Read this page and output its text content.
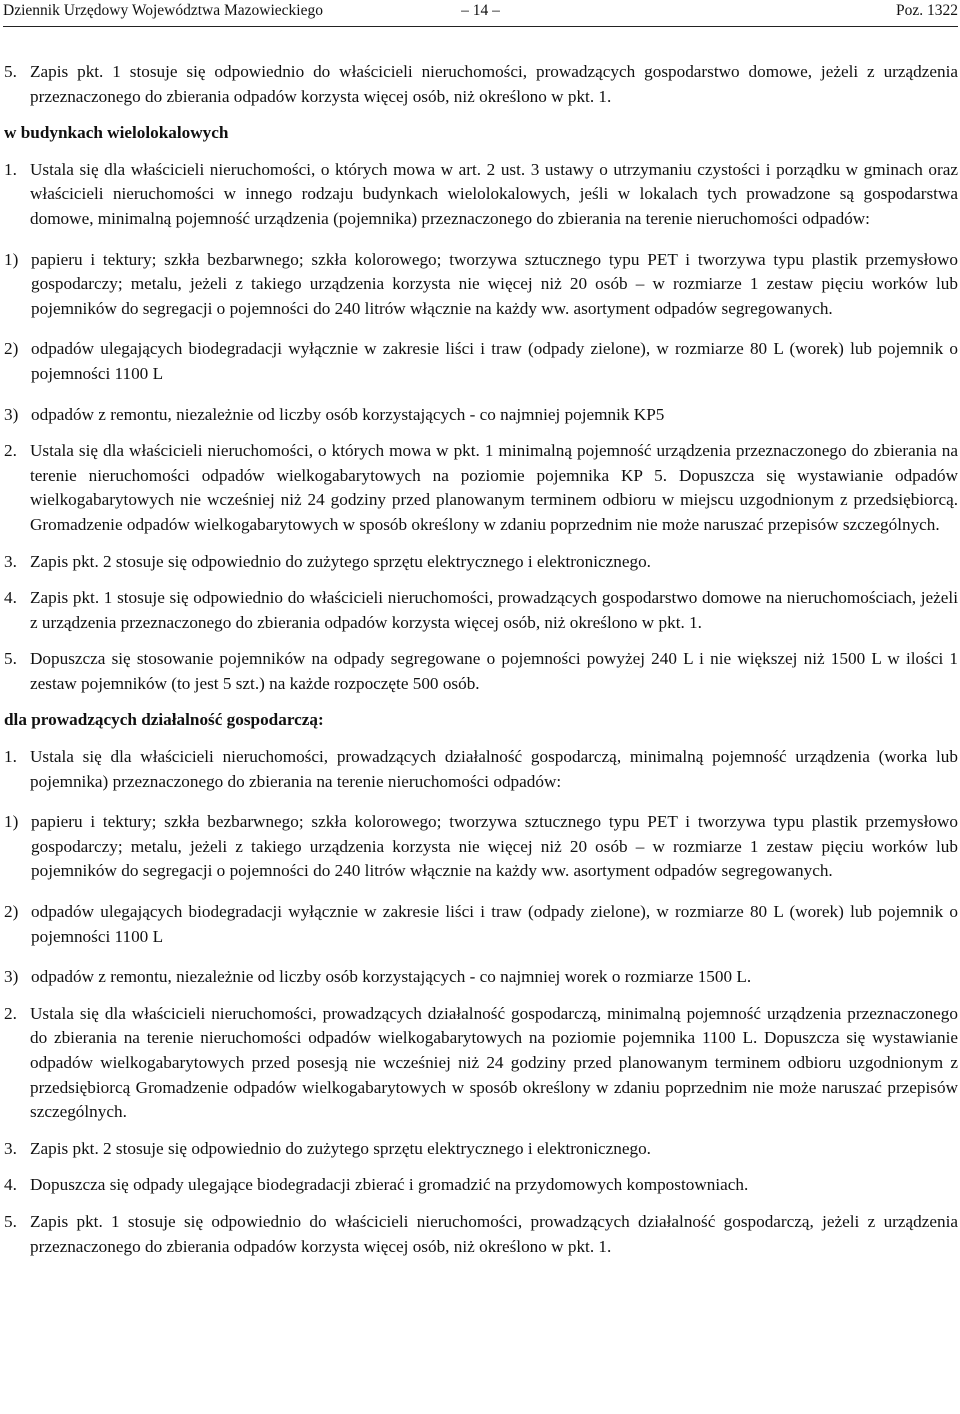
Dziennik Urzędowy Województwa Mazowieckiego	– 14 –	Poz. 1322
5. Zapis pkt. 1 stosuje się odpowiednio do właścicieli nieruchomości, prowadzących gospodarstwo domowe, jeżeli z urządzenia przeznaczonego do zbierania odpadów korzysta więcej osób, niż określono w pkt. 1.

w budynkach wielolokalowych

1. Ustala się dla właścicieli nieruchomości, o których mowa w art. 2 ust. 3 ustawy o utrzymaniu czystości i porządku w gminach oraz właścicieli nieruchomości w innego rodzaju budynkach wielolokalowych, jeśli w lokalach tych prowadzone są gospodarstwa domowe, minimalną pojemność urządzenia (pojemnika) przeznaczonego do zbierania na terenie nieruchomości odpadów:
1) papieru i tektury; szkła bezbarwnego; szkła kolorowego; tworzywa sztucznego typu PET i tworzywa typu plastik przemysłowo gospodarczy; metalu, jeżeli z takiego urządzenia korzysta nie więcej niż 20 osób – w rozmiarze 1 zestaw pięciu worków lub pojemników do segregacji o pojemności do 240 litrów włącznie na każdy ww. asortyment odpadów segregowanych.
2) odpadów ulegających biodegradacji wyłącznie w zakresie liści i traw (odpady zielone), w rozmiarze 80 L (worek) lub pojemnik o pojemności 1100 L
3) odpadów z remontu, niezależnie od liczby osób korzystających - co najmniej pojemnik KP5
2. Ustala się dla właścicieli nieruchomości, o których mowa w pkt. 1 minimalną pojemność urządzenia przeznaczonego do zbierania na terenie nieruchomości odpadów wielkogabarytowych na poziomie pojemnika KP 5. Dopuszcza się wystawianie odpadów wielkogabarytowych nie wcześniej niż 24 godziny przed planowanym terminem odbioru w miejscu uzgodnionym z przedsiębiorcą. Gromadzenie odpadów wielkogabarytowych w sposób określony w zdaniu poprzednim nie może naruszać przepisów szczególnych.
3. Zapis pkt. 2 stosuje się odpowiednio do zużytego sprzętu elektrycznego i elektronicznego.
4. Zapis pkt. 1 stosuje się odpowiednio do właścicieli nieruchomości, prowadzących gospodarstwo domowe na nieruchomościach, jeżeli z urządzenia przeznaczonego do zbierania odpadów korzysta więcej osób, niż określono w pkt. 1.
5. Dopuszcza się stosowanie pojemników na odpady segregowane o pojemności powyżej 240 L i nie większej niż 1500 L w ilości 1 zestaw pojemników (to jest 5 szt.) na każde rozpoczęte 500 osób.

dla prowadzących działalność gospodarczą:

1. Ustala się dla właścicieli nieruchomości, prowadzących działalność gospodarczą, minimalną pojemność urządzenia (worka lub pojemnika) przeznaczonego do zbierania na terenie nieruchomości odpadów:
1) papieru i tektury; szkła bezbarwnego; szkła kolorowego; tworzywa sztucznego typu PET i tworzywa typu plastik przemysłowo gospodarczy; metalu, jeżeli z takiego urządzenia korzysta nie więcej niż 20 osób – w rozmiarze 1 zestaw pięciu worków lub pojemników do segregacji o pojemności do 240 litrów włącznie na każdy ww. asortyment odpadów segregowanych.
2) odpadów ulegających biodegradacji wyłącznie w zakresie liści i traw (odpady zielone), w rozmiarze 80 L (worek) lub pojemnik o pojemności 1100 L
3) odpadów z remontu, niezależnie od liczby osób korzystających - co najmniej worek o rozmiarze 1500 L.
2. Ustala się dla właścicieli nieruchomości, prowadzących działalność gospodarczą, minimalną pojemność urządzenia przeznaczonego do zbierania na terenie nieruchomości odpadów wielkogabarytowych na poziomie pojemnika 1100 L. Dopuszcza się wystawianie odpadów wielkogabarytowych przed posesją nie wcześniej niż 24 godziny przed planowanym terminem odbioru uzgodnionym z przedsiębiorcą Gromadzenie odpadów wielkogabarytowych w sposób określony w zdaniu poprzednim nie może naruszać przepisów szczególnych.
3. Zapis pkt. 2 stosuje się odpowiednio do zużytego sprzętu elektrycznego i elektronicznego.
4. Dopuszcza się odpady ulegające biodegradacji zbierać i gromadzić na przydomowych kompostowniach.
5. Zapis pkt. 1 stosuje się odpowiednio do właścicieli nieruchomości, prowadzących działalność gospodarczą, jeżeli z urządzenia przeznaczonego do zbierania odpadów korzysta więcej osób, niż określono w pkt. 1.
